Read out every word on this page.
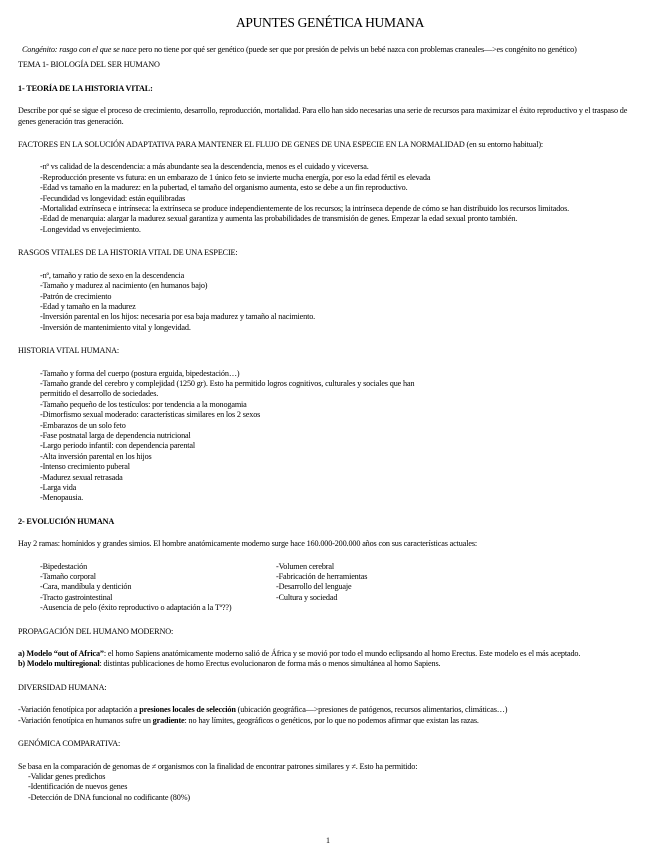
APUNTES GENÉTICA HUMANA

Congénito: rasgo con el que se nace pero no tiene por qué ser genético (puede ser que por presión de pelvis un bebé nazca con problemas craneales—>es congénito no genético)

TEMA 1- BIOLOGÍA DEL SER HUMANO

1- TEORÍA DE LA HISTORIA VITAL:

Describe por qué se sigue el proceso de crecimiento, desarrollo, reproducción, mortalidad. Para ello han sido necesarias una serie de recursos para maximizar el éxito reproductivo y el traspaso de genes generación tras generación.

FACTORES EN LA SOLUCIÓN ADAPTATIVA PARA MANTENER EL FLUJO DE GENES DE UNA ESPECIE EN LA NORMALIDAD (en su entorno habitual):

-nº vs calidad de la descendencia: a más abundante sea la descendencia, menos es el cuidado y viceversa.

-Reproducción presente vs futura: en un embarazo de 1 único feto se invierte mucha energía, por eso la edad fértil es elevada

-Edad vs tamaño en la madurez: en la pubertad, el tamaño del organismo aumenta, esto se debe a un fin reproductivo.

-Fecundidad vs longevidad: están equilibradas

-Mortalidad extrínseca e intrínseca: la extrínseca se produce independientemente de los recursos; la intrínseca depende de cómo se han distribuido los recursos limitados.

-Edad de menarquia: alargar la madurez sexual garantiza y aumenta las probabilidades de transmisión de genes. Empezar la edad sexual pronto también.

-Longevidad vs envejecimiento.

RASGOS VITALES DE LA HISTORIA VITAL DE UNA ESPECIE:

-nº, tamaño y ratio de sexo en la descendencia

-Tamaño y madurez al nacimiento (en humanos bajo)

-Patrón de crecimiento

-Edad y tamaño en la madurez

-Inversión parental en los hijos: necesaria por esa baja madurez y tamaño al nacimiento.

-Inversión de mantenimiento vital y longevidad.

HISTORIA VITAL HUMANA:

-Tamaño y forma del cuerpo (postura erguida, bipedestación…)

-Tamaño grande del cerebro y complejidad (1250 gr). Esto ha permitido logros cognitivos, culturales y sociales que han permitido el desarrollo de sociedades.

-Tamaño pequeño de los testículos: por tendencia a la monogamia

-Dimorfismo sexual moderado: características similares en los 2 sexos

-Embarazos de un solo feto

-Fase postnatal larga de dependencia nutricional

-Largo periodo infantil: con dependencia parental

-Alta inversión parental en los hijos

-Intenso crecimiento puberal

-Madurez sexual retrasada

-Larga vida

-Menopausia.

2- EVOLUCIÓN HUMANA

Hay 2 ramas: homínidos y grandes simios. El hombre anatómicamente moderno surge hace 160.000-200.000 años con sus características actuales:

-Bipedestación

-Tamaño corporal

-Cara, mandíbula y dentición

-Tracto gastrointestinal

-Ausencia de pelo (éxito reproductivo o adaptación a la Tª??)

-Volumen cerebral

-Fabricación de herramientas

-Desarrollo del lenguaje

-Cultura y sociedad

PROPAGACIÓN DEL HUMANO MODERNO:

a) Modelo “out of Africa”: el homo Sapiens anatómicamente moderno salió de África y se movió por todo el mundo eclipsando al homo Erectus. Este modelo es el más aceptado.

b) Modelo multiregional: distintas publicaciones de homo Erectus evolucionaron de forma más o menos simultánea al homo Sapiens.

DIVERSIDAD HUMANA:

-Variación fenotípica por adaptación a presiones locales de selección (ubicación geográfica—>presiones de patógenos, recursos alimentarios, climáticas…)

-Variación fenotípica en humanos sufre un gradiente: no hay límites, geográficos o genéticos, por lo que no podemos afirmar que existan las razas.

GENÓMICA COMPARATIVA:

Se basa en la comparación de genomas de ≠ organismos con la finalidad de encontrar patrones similares y ≠. Esto ha permitido:

-Validar genes predichos

-Identificación de nuevos genes

-Detección de DNA funcional no codificante (80%)

1
